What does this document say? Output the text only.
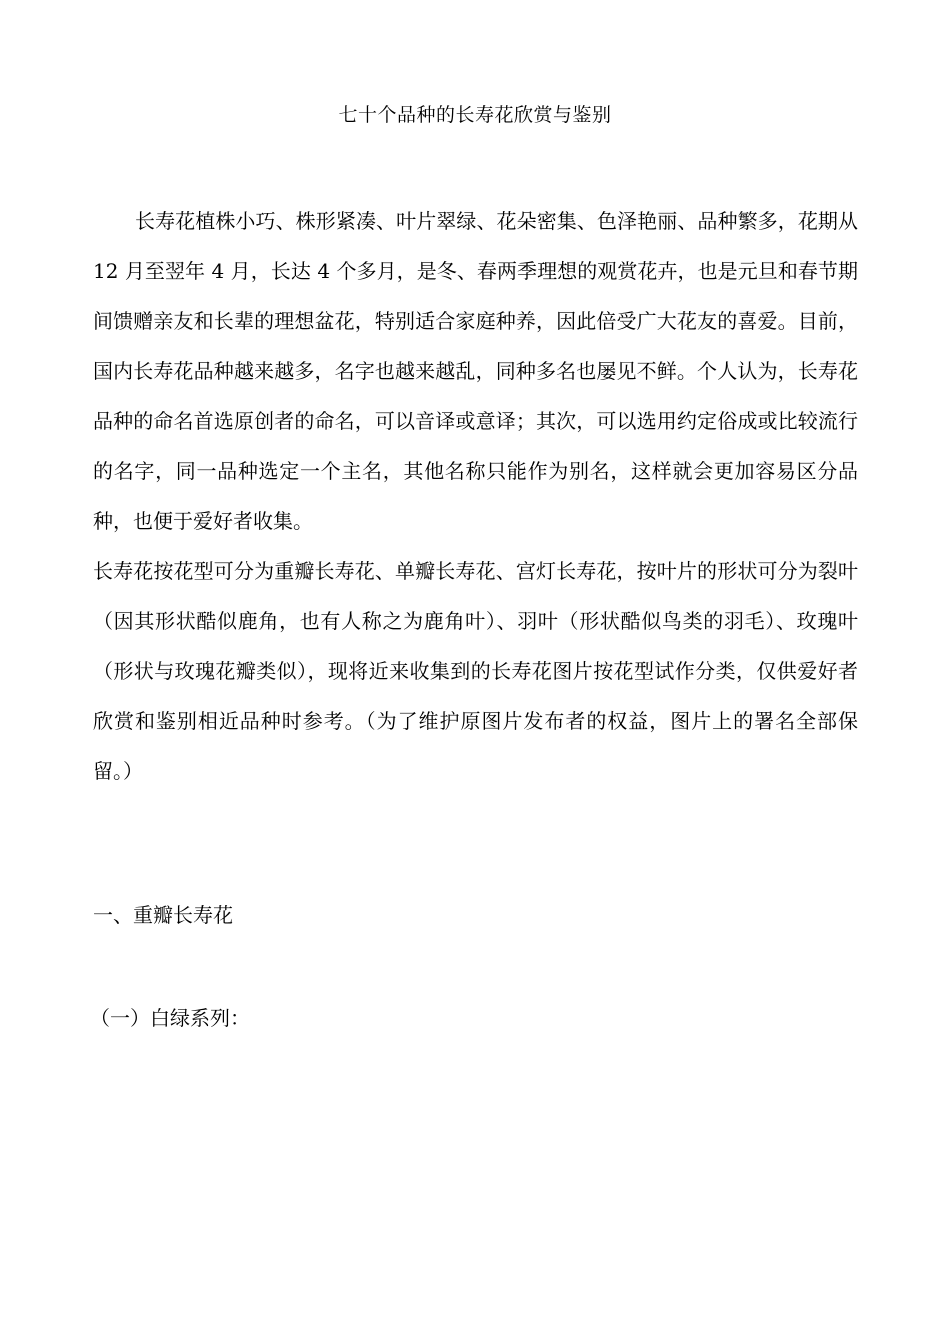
七十个品种的长寿花欣赏与鉴别

长寿花植株小巧、株形紧凑、叶片翠绿、花朵密集、色泽艳丽、品种繁多，花期从 12 月至翌年 4 月，长达 4 个多月，是冬、春两季理想的观赏花卉，也是元旦和春节期间馈赠亲友和长辈的理想盆花，特别适合家庭种养，因此倍受广大花友的喜爱。目前，国内长寿花品种越来越多，名字也越来越乱，同种多名也屡见不鲜。个人认为，长寿花品种的命名首选原创者的命名，可以音译或意译；其次，可以选用约定俗成或比较流行的名字，同一品种选定一个主名，其他名称只能作为别名，这样就会更加容易区分品种，也便于爱好者收集。

长寿花按花型可分为重瓣长寿花、单瓣长寿花、宫灯长寿花，按叶片的形状可分为裂叶（因其形状酷似鹿角，也有人称之为鹿角叶）、羽叶（形状酷似鸟类的羽毛）、玫瑰叶（形状与玫瑰花瓣类似），现将近来收集到的长寿花图片按花型试作分类，仅供爱好者欣赏和鉴别相近品种时参考。（为了维护原图片发布者的权益，图片上的署名全部保留。）

一、重瓣长寿花
（一）白绿系列：
